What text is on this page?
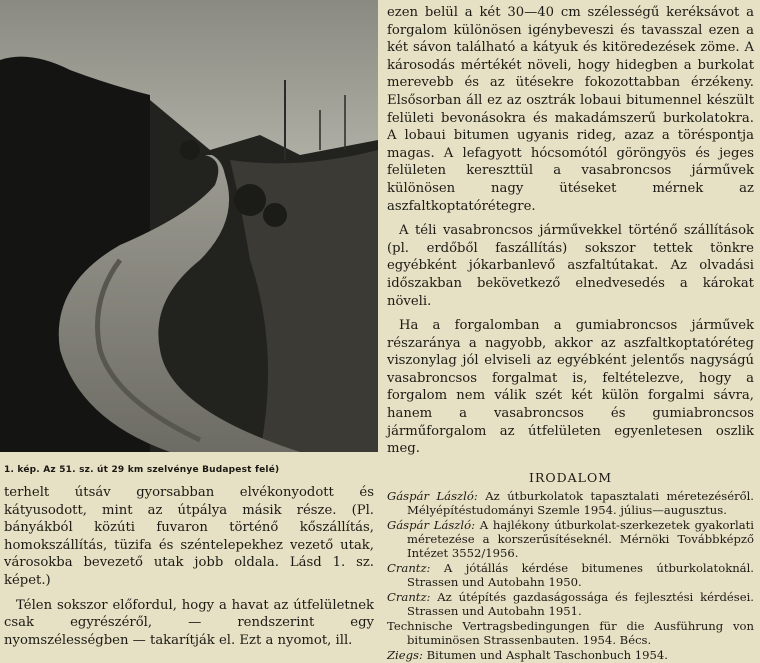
1. kép. Az 51. sz. út 29 km szelvénye Budapest felé)

terhelt útsáv gyorsabban elvékonyodott és kátyusodott, mint az útpálya másik része. (Pl. bányákból közúti fuvaron történő kőszállítás, homokszállítás, tüzifa és széntelepekhez vezető utak, városokba bevezető utak jobb oldala. Lásd 1. sz. képet.)

Télen sokszor előfordul, hogy a havat az útfelületnek csak egyrészéről, — rendszerint egy nyomszélességben — takarítják el. Ezt a nyomot, ill.

ezen belül a két 30—40 cm szélességű keréksávot a forgalom különösen igénybeveszi és tavasszal ezen a két sávon található a kátyuk és kitöredezések zöme. A károsodás mértékét növeli, hogy hidegben a burkolat merevebb és az ütésekre fokozottabban érzékeny. Elsősorban áll ez az osztrák lobaui bitumennel készült felületi bevonásokra és makadámszerű burkolatokra. A lobaui bitumen ugyanis rideg, azaz a töréspontja magas. A lefagyott hócsomótól göröngyös és jeges felületen kereszttül a vasabroncsos járművek különösen nagy ütéseket mérnek az aszfaltkoptatórétegre.

A téli vasabroncsos járművekkel történő szállítások (pl. erdőből faszállítás) sokszor tettek tönkre egyébként jókarbanlevő aszfaltútakat. Az olvadási időszakban bekövetkező elnedvesedés a károkat növeli.

Ha a forgalomban a gumiabroncsos járművek részaránya a nagyobb, akkor az aszfaltkoptatóréteg viszonylag jól elviseli az egyébként jelentős nagyságú vasabroncsos forgalmat is, feltételezve, hogy a forgalom nem válik szét két külön forgalmi sávra, hanem a vasabroncsos és gumiabroncsos járműforgalom az útfelületen egyenletesen oszlik meg.

IRODALOM

Gáspár László: Az útburkolatok tapasztalati méretezéséről. Mélyépítéstudományi Szemle 1954. július—augusztus.

Gáspár László: A hajlékony útburkolat-szerkezetek gyakorlati méretezése a korszerűsítéseknél. Mérnöki Továbbképző Intézet 3552/1956.

Crantz: A jótállás kérdése bitumenes útburkolatoknál. Strassen und Autobahn 1950.

Crantz: Az útépítés gazdaságossága és fejlesztési kérdései. Strassen und Autobahn 1951.

Technische Vertragsbedingungen für die Ausführung von bituminösen Strassenbauten. 1954. Bécs.

Ziegs: Bitumen und Asphalt Taschonbuch 1954.
